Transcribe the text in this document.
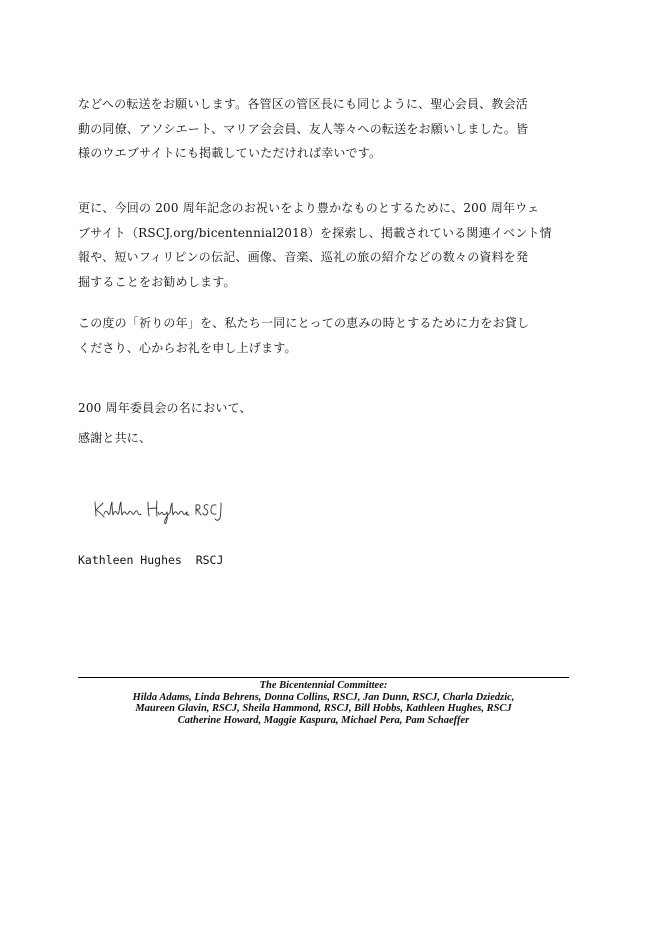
などへの転送をお願いします。各管区の管区長にも同じように、聖心会員、教会活
動の同僚、アソシエート、マリア会会員、友人等々への転送をお願いしました。皆
様のウエブサイトにも掲載していただければ幸いです。

更に、今回の 200 周年記念のお祝いをより豊かなものとするために、200 周年ウェ
ブサイト（RSCJ.org/bicentennial2018）を探索し、掲載されている関連イベント情
報や、短いフィリピンの伝記、画像、音楽、巡礼の旅の紹介などの数々の資料を発
掘することをお勧めします。

この度の「祈りの年」を、私たち一同にとっての恵みの時とするために力をお貸し
くださり、心からお礼を申し上げます。

200 周年委員会の名において、

感謝と共に、

Kathleen Hughes  RSCJ
The Bicentennial Committee:
Hilda Adams, Linda Behrens, Donna Collins, RSCJ, Jan Dunn, RSCJ, Charla Dziedzic,
Maureen Glavin, RSCJ, Sheila Hammond, RSCJ, Bill Hobbs, Kathleen Hughes, RSCJ
Catherine Howard, Maggie Kaspura, Michael Pera, Pam Schaeffer
